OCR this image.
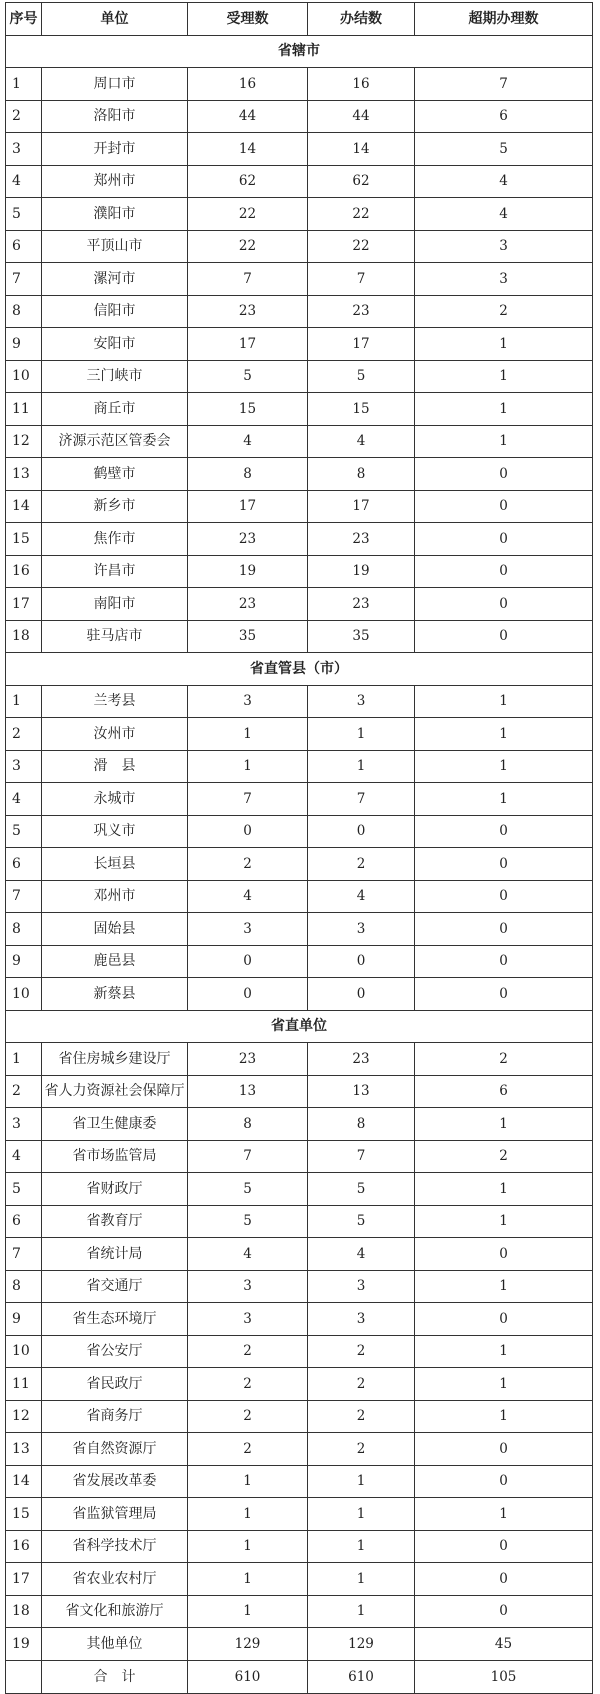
序号	单位	受理数	办结数	超期办理数
省辖市				
1	周口市	16	16	7
2	洛阳市	44	44	6
3	开封市	14	14	5
4	郑州市	62	62	4
5	濮阳市	22	22	4
6	平顶山市	22	22	3
7	漯河市	7	7	3
8	信阳市	23	23	2
9	安阳市	17	17	1
10	三门峡市	5	5	1
11	商丘市	15	15	1
12	济源示范区管委会	4	4	1
13	鹤壁市	8	8	0
14	新乡市	17	17	0
15	焦作市	23	23	0
16	许昌市	19	19	0
17	南阳市	23	23	0
18	驻马店市	35	35	0
省直管县（市）				
1	兰考县	3	3	1
2	汝州市	1	1	1
3	滑　县	1	1	1
4	永城市	7	7	1
5	巩义市	0	0	0
6	长垣县	2	2	0
7	邓州市	4	4	0
8	固始县	3	3	0
9	鹿邑县	0	0	0
10	新蔡县	0	0	0
省直单位				
1	省住房城乡建设厅	23	23	2
2	省人力资源社会保障厅	13	13	6
3	省卫生健康委	8	8	1
4	省市场监管局	7	7	2
5	省财政厅	5	5	1
6	省教育厅	5	5	1
7	省统计局	4	4	0
8	省交通厅	3	3	1
9	省生态环境厅	3	3	0
10	省公安厅	2	2	1
11	省民政厅	2	2	1
12	省商务厅	2	2	1
13	省自然资源厅	2	2	0
14	省发展改革委	1	1	0
15	省监狱管理局	1	1	1
16	省科学技术厅	1	1	0
17	省农业农村厅	1	1	0
18	省文化和旅游厅	1	1	0
19	其他单位	129	129	45
	合　计	610	610	105
